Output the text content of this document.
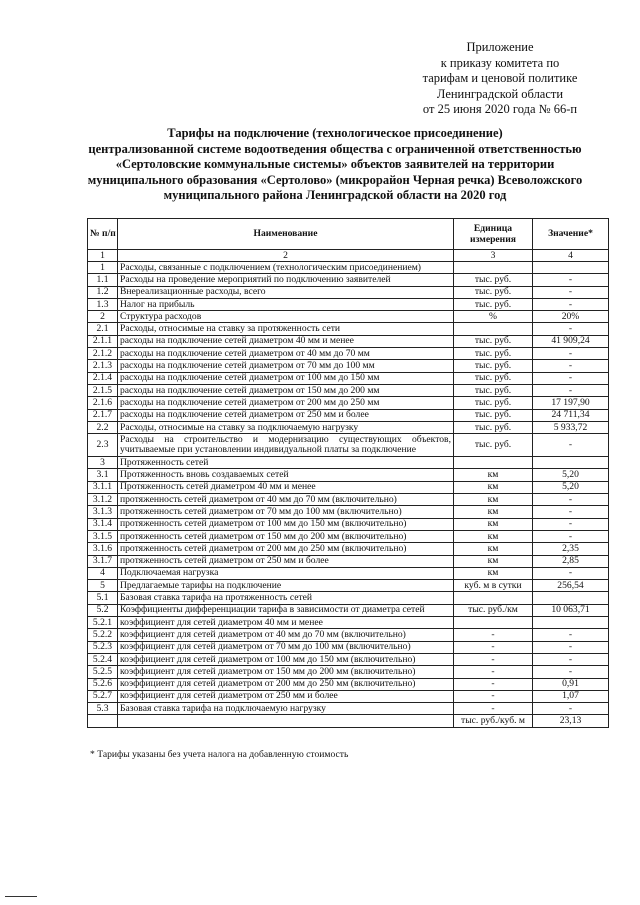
Приложение
к приказу комитета по
тарифам и ценовой политике
Ленинградской области
от 25 июня 2020 года № 66-п
Тарифы на подключение (технологическое присоединение)
централизованной системе водоотведения общества с ограниченной ответственностью
«Сертоловские коммунальные системы» объектов заявителей на территории
муниципального образования «Сертолово» (микрорайон Черная речка) Всеволожского
муниципального района Ленинградской области на 2020 год
№ п/п	Наименование	Единица измерения	Значение*
1	2	3	4
1	Расходы, связанные с подключением (технологическим присоединением)		
1.1	Расходы на проведение мероприятий по подключению заявителей	тыс. руб.	-
1.2	Внереализационные расходы, всего	тыс. руб.	-
1.3	Налог на прибыль	тыс. руб.	-
2	Структура расходов	%	20%
2.1	Расходы, относимые на ставку за протяженность сети		-
2.1.1	расходы на подключение сетей диаметром 40 мм и менее	тыс. руб.	41 909,24
2.1.2	расходы на подключение сетей диаметром от 40 мм до 70 мм	тыс. руб.	-
2.1.3	расходы на подключение сетей диаметром от 70 мм до 100 мм	тыс. руб.	-
2.1.4	расходы на подключение сетей диаметром от 100 мм до 150 мм	тыс. руб.	-
2.1.5	расходы на подключение сетей диаметром от 150 мм до 200 мм	тыс. руб.	-
2.1.6	расходы на подключение сетей диаметром от 200 мм до 250 мм	тыс. руб.	17 197,90
2.1.7	расходы на подключение сетей диаметром от 250 мм и более	тыс. руб.	24 711,34
2.2	Расходы, относимые на ставку за подключаемую нагрузку	тыс. руб.	5 933,72
2.3	Расходы на строительство и модернизацию существующих объектов, учитываемые при установлении индивидуальной платы за подключение	тыс. руб.	-
3	Протяженность сетей		
3.1	Протяженность вновь создаваемых сетей	км	5,20
3.1.1	Протяженность сетей диаметром 40 мм и менее	км	5,20
3.1.2	протяженность сетей диаметром от 40 мм до 70 мм (включительно)	км	-
3.1.3	протяженность сетей диаметром от 70 мм до 100 мм (включительно)	км	-
3.1.4	протяженность сетей диаметром от 100 мм до 150 мм (включительно)	км	-
3.1.5	протяженность сетей диаметром от 150 мм до 200 мм (включительно)	км	-
3.1.6	протяженность сетей диаметром от 200 мм до 250 мм (включительно)	км	2,35
3.1.7	протяженность сетей диаметром от 250 мм и более	км	2,85
4	Подключаемая нагрузка	км	-
5	Предлагаемые тарифы на подключение	куб. м в сутки	256,54
5.1	Базовая ставка тарифа на протяженность сетей		
5.2	Коэффициенты дифференциации тарифа в зависимости от диаметра сетей	тыс. руб./км	10 063,71
5.2.1	коэффициент для сетей диаметром 40 мм и менее		
5.2.2	коэффициент для сетей диаметром от 40 мм до 70 мм (включительно)	-	-
5.2.3	коэффициент для сетей диаметром от 70 мм до 100 мм (включительно)	-	-
5.2.4	коэффициент для сетей диаметром от 100 мм до 150 мм (включительно)	-	-
5.2.5	коэффициент для сетей диаметром от 150 мм до 200 мм (включительно)	-	-
5.2.6	коэффициент для сетей диаметром от 200 мм до 250 мм (включительно)	-	0,91
5.2.7	коэффициент для сетей диаметром от 250 мм и более	-	1,07
5.3	Базовая ставка тарифа на подключаемую нагрузку	-	-
		тыс. руб./куб. м	23,13
* Тарифы указаны без учета налога на добавленную стоимость
